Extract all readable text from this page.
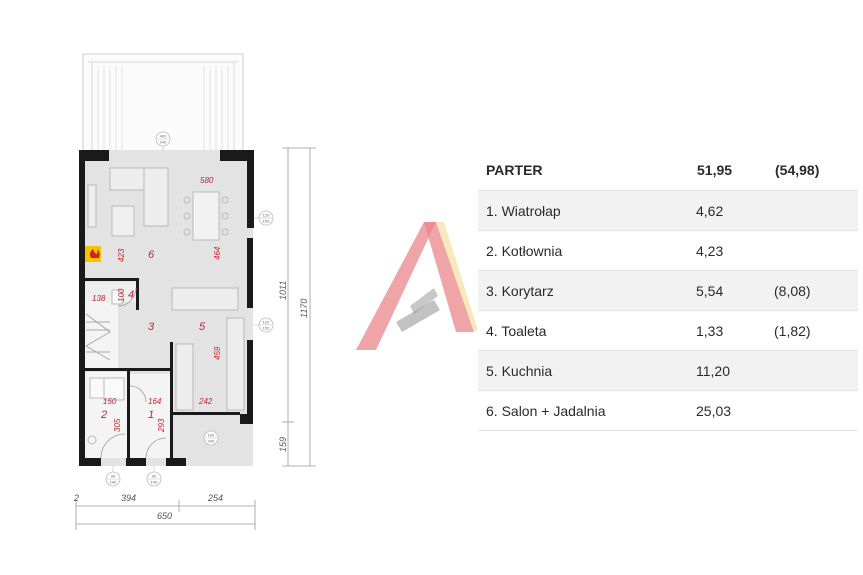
6
3	5
4
2	1
580
423	464
100
138
459
242
150	164
305	293
400
240
120
150
120
150
100
240
90
140
90
140
2	394	254
650
1011
1170
159
PARTER	51,95	(54,98)
1. Wiatrołap	4,62	
2. Kotłownia	4,23	
3. Korytarz	5,54	(8,08)
4. Toaleta	1,33	(1,82)
5. Kuchnia	11,20	
6. Salon + Jadalnia	25,03	
